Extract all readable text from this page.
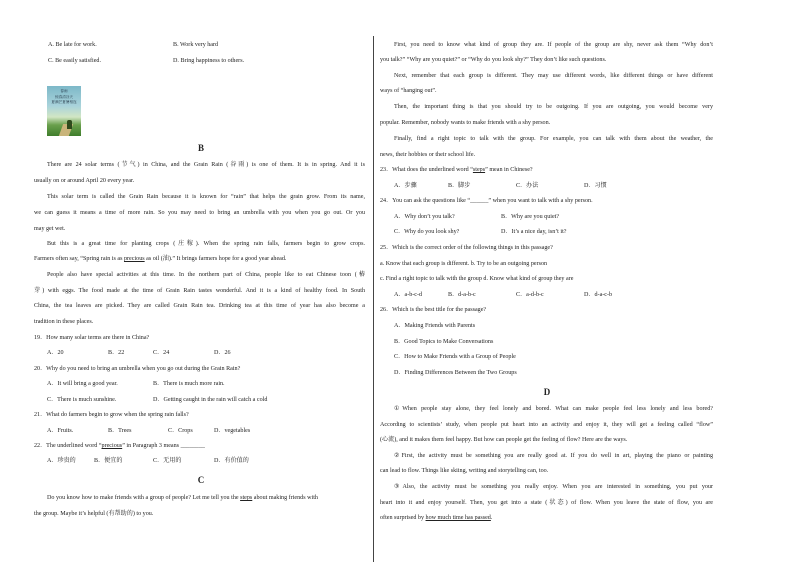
A. Be late for work.	B. Work very hard
C. Be easily satisfied.	D. Bring happiness to others.
春雨
惊春清谷天
夏满芒夏暑相连
B
There are 24 solar terms (节气) in China, and the Grain Rain (谷雨) is one of them. It is in spring. And it is
usually on or around April 20 every year.
This solar term is called the Grain Rain because it is known for “rain” that helps the grain grow. From its name,
we can guess it means a time of more rain. So you may need to bring an umbrella with you when you go out. Or you
may get wet.
But this is a great time for planting crops (庄稼). When the spring rain falls, farmers begin to grow crops.
Farmers often say, “Spring rain is as precious as oil (油).” It brings farmers hope for a good year ahead.
People also have special activities at this time. In the northern part of China, people like to eat Chinese toon (椿
芽) with eggs. The food made at the time of Grain Rain tastes wonderful. And it is a kind of healthy food. In South
China, the tea leaves are picked. They are called Grain Rain tea. Drinking tea at this time of year has also become a
tradition in these places.
19．How many solar terms are there in China?
A．20	B．22	C．24	D．26
20．Why do you need to bring an umbrella when you go out during the Grain Rain?
A．It will bring a good year.	B．There is much more rain.
C．There is much sunshine.	D．Getting caught in the rain will catch a cold
21．What do farmers begin to grow when the spring rain falls?
A．Fruits.	B．Trees	C．Crops	D．vegetables
22．The underlined word “precious” in Paragraph 3 means ________
A．珍贵的	B．便宜的	C．无用的	D．有价值的
C
Do you know how to make friends with a group of people? Let me tell you the steps about making friends with
the group. Maybe it’s helpful (有帮助的) to you.
First, you need to know what kind of group they are. If people of the group are shy, never ask them “Why don’t
you talk?” “Why are you quiet?” or “Why do you look shy?” They don’t like such questions.
Next, remember that each group is different. They may use different words, like different things or have different
ways of “hanging out”.
Then, the important thing is that you should try to be outgoing. If you are outgoing, you would become very
popular. Remember, nobody wants to make friends with a shy person.
Finally, find a right topic to talk with the group. For example, you can talk with them about the weather, the
news, their hobbies or their school life.
23．What does the underlined word “steps” mean in Chinese?
A．步骤	B．脚步	C．办法	D．习惯
24．You can ask the questions like “______” when you want to talk with a shy person.
A．Why don’t you talk?	B．Why are you quiet?
C．Why do you look shy?	D．It’s a nice day, isn’t it?
25．Which is the correct order of the following things in this passage?
a. Know that each group is different. b. Try to be an outgoing person
c. Find a right topic to talk with the group d. Know what kind of group they are
A．a-b-c-d	B．d-a-b-c	C．a-d-b-c	D．d-a-c-b
26．Which is the best title for the passage?
A．Making Friends with Parents
B．Good Topics to Make Conversations
C．How to Make Friends with a Group of People
D．Finding Differences Between the Two Groups
D
①When people stay alone, they feel lonely and bored. What can make people feel less lonely and less bored?
According to scientists’ study, when people put heart into an activity and enjoy it, they will get a feeling called “flow”
(心流), and it makes them feel happy. But how can people get the feeling of flow? Here are the ways.
②First, the activity must be something you are really good at. If you do well in art, playing the piano or painting
can lead to flow. Things like skiing, writing and storytelling can, too.
③Also, the activity must be something you really enjoy. When you are interested in something, you put your
heart into it and enjoy yourself. Then, you get into a state (状态) of flow. When you leave the state of flow, you are
often surprised by how much time has passed.
